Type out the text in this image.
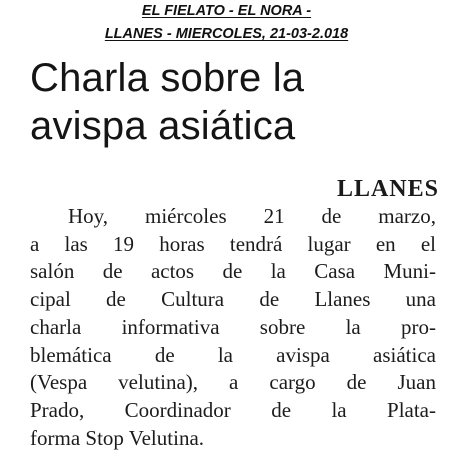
EL FIELATO - EL NORA -
LLANES - MIERCOLES, 21-03-2.018
Charla sobre la
avispa asiática
LLANES
Hoy, miércoles 21 de marzo,
a las 19 horas tendrá lugar en el
salón de actos de la Casa Muni-
cipal de Cultura de Llanes una
charla informativa sobre la pro-
blemática de la avispa asiática
(Vespa velutina), a cargo de Juan
Prado, Coordinador de la Plata-
forma Stop Velutina.
